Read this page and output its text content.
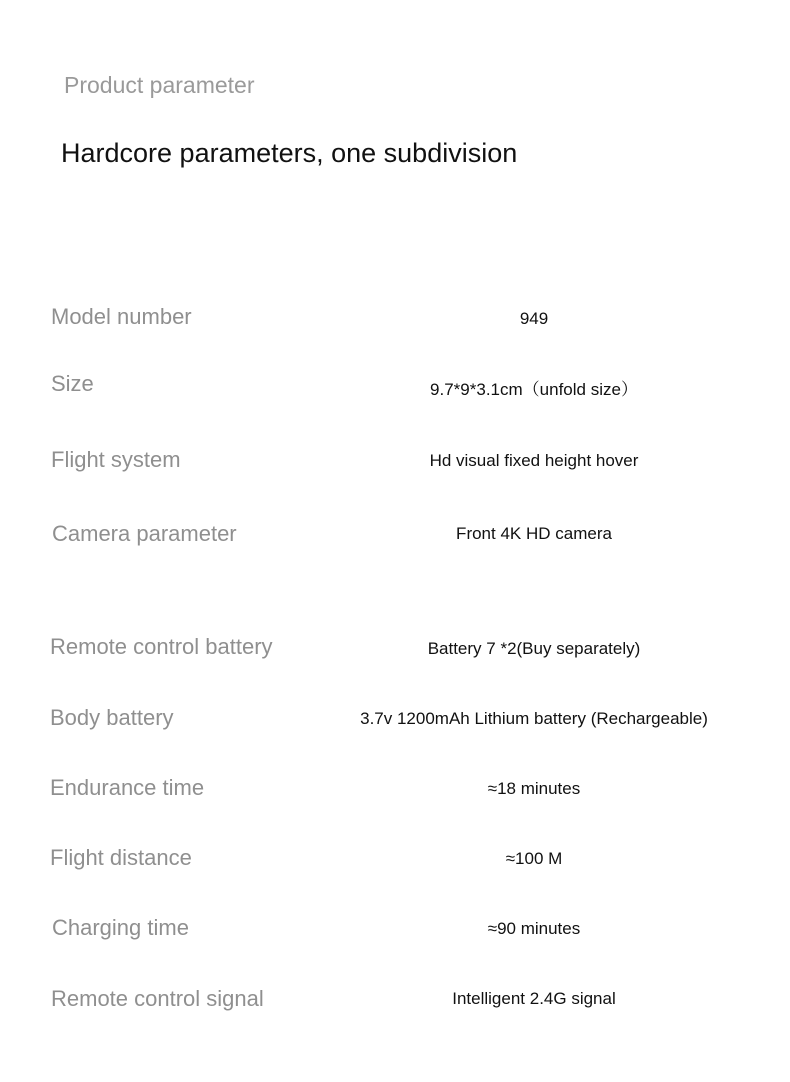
Product parameter
Hardcore parameters, one subdivision
Model number	949
Size	9.7*9*3.1cm（unfold size）
Flight system	Hd visual fixed height hover
Camera parameter	Front 4K HD camera
Remote control battery	Battery 7 *2(Buy separately)
Body battery	3.7v 1200mAh Lithium battery (Rechargeable)
Endurance time	≈18 minutes
Flight distance	≈100 M
Charging time	≈90 minutes
Remote control signal	Intelligent 2.4G signal
